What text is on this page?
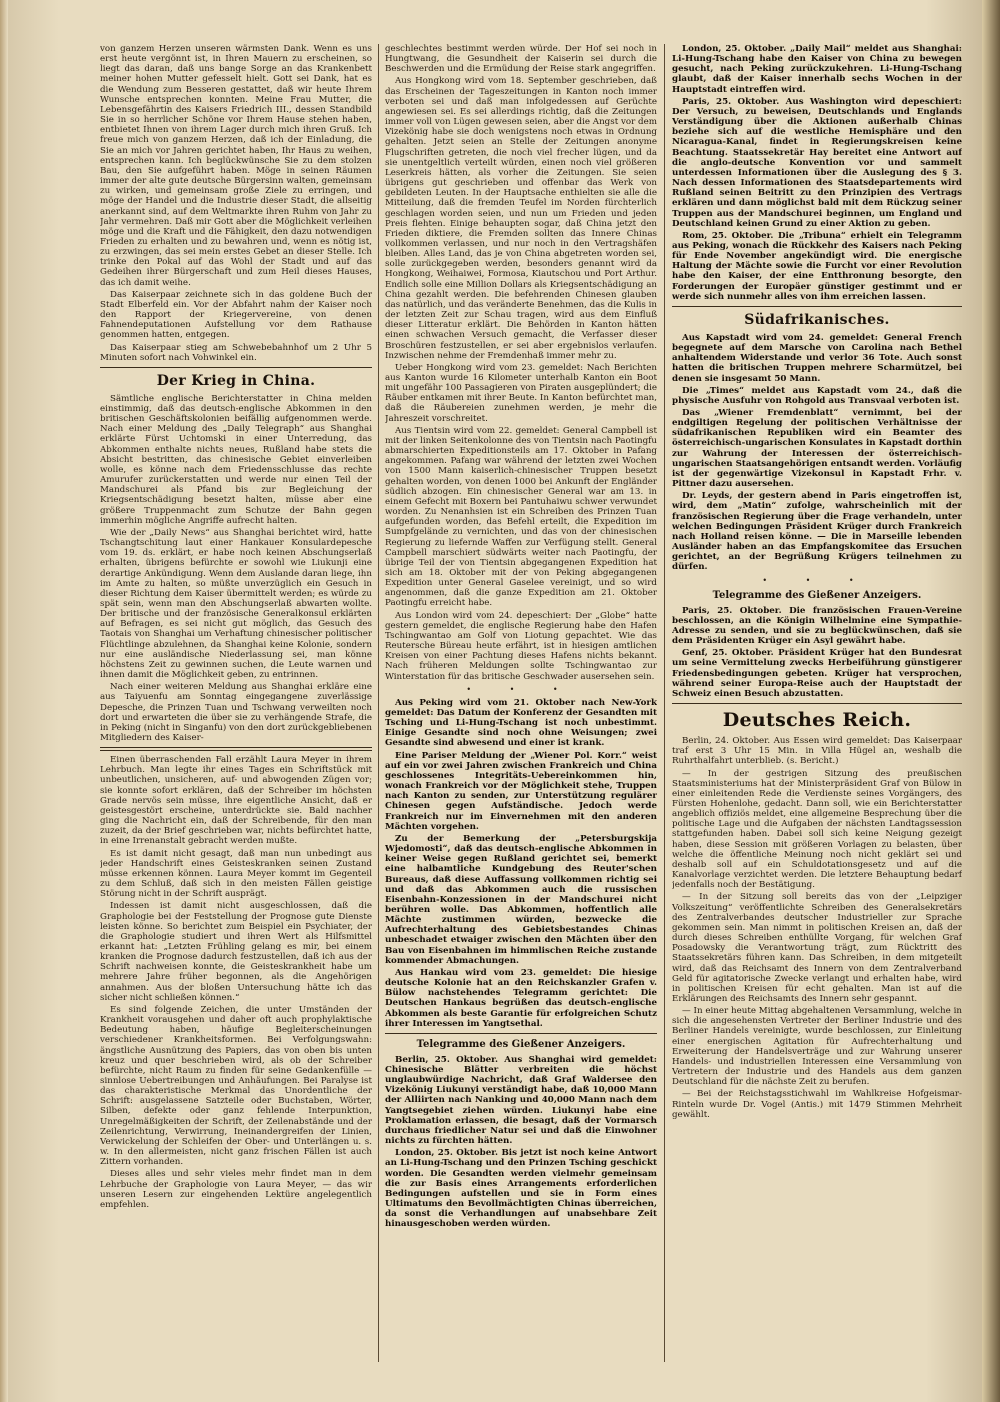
von ganzem Herzen unseren wärmsten Dank. Wenn es uns erst heute vergönnt ist, in Ihren Mauern zu erscheinen, so liegt das daran, daß uns bange Sorge an das Krankenbett meiner hohen Mutter gefesselt hielt. Gott sei Dank, hat es die Wendung zum Besseren gestattet, daß wir heute Ihrem Wunsche entsprechen konnten. Meine Frau Mutter, die Lebensgefährtin des Kaisers Friedrich III., dessen Standbild Sie in so herrlicher Schöne vor Ihrem Hause stehen haben, entbietet Ihnen von ihrem Lager durch mich ihren Gruß. Ich freue mich von ganzem Herzen, daß ich der Einladung, die Sie an mich vor Jahren gerichtet haben, Ihr Haus zu weihen, entsprechen kann. Ich beglückwünsche Sie zu dem stolzen Bau, den Sie aufgeführt haben. Möge in seinen Räumen immer der alte gute deutsche Bürgersinn walten, gemeinsam zu wirken, und gemeinsam große Ziele zu erringen, und möge der Handel und die Industrie dieser Stadt, die allseitig anerkannt sind, auf dem Weltmarkte ihren Ruhm von Jahr zu Jahr vermehren. Daß mir Gott aber die Möglichkeit verleihen möge und die Kraft und die Fähigkeit, den dazu notwendigen Frieden zu erhalten und zu bewahren und, wenn es nötig ist, zu erzwingen, das sei mein erstes Gebet an dieser Stelle. Ich trinke den Pokal auf das Wohl der Stadt und auf das Gedeihen ihrer Bürgerschaft und zum Heil dieses Hauses, das ich damit weihe.

Das Kaiserpaar zeichnete sich in das goldene Buch der Stadt Elberfeld ein. Vor der Abfahrt nahm der Kaiser noch den Rapport der Kriegervereine, von denen Fahnendeputationen Aufstellung vor dem Rathause genommen hatten, entgegen.

Das Kaiserpaar stieg am Schwebebahnhof um 2 Uhr 5 Minuten sofort nach Vohwinkel ein.

Der Krieg in China.

Sämtliche englische Berichterstatter in China melden einstimmig, daß das deutsch-englische Abkommen in den britischen Geschäftskolonien beifällig aufgenommen werde. Nach einer Meldung des „Daily Telegraph“ aus Shanghai erklärte Fürst Uchtomski in einer Unterredung, das Abkommen enthalte nichts neues, Rußland habe stets die Absicht bestritten, das chinesische Gebiet einverleiben wolle, es könne nach dem Friedensschlusse das rechte Amurufer zurückerstatten und werde nur einen Teil der Mandschurei als Pfand bis zur Begleichung der Kriegsentschädigung besetzt halten, müsse aber eine größere Truppenmacht zum Schutze der Bahn gegen immerhin mögliche Angriffe aufrecht halten.

Wie der „Daily News“ aus Shanghai berichtet wird, hatte Tschangtschitung laut einer Hankauer Konsulardepesche vom 19. ds. erklärt, er habe noch keinen Abschungserlaß erhalten, übrigens befürchte er sowohl wie Liukunji eine derartige Ankündigung. Wenn dem Auslande daran liege, ihn im Amte zu halten, so müßte unverzüglich ein Gesuch in dieser Richtung dem Kaiser übermittelt werden; es würde zu spät sein, wenn man den Abschungserlaß abwarten wollte. Der britische und der französische Generalkonsul erklärten auf Befragen, es sei nicht gut möglich, das Gesuch des Taotais von Shanghai um Verhaftung chinesischer politischer Flüchtlinge abzulehnen, da Shanghai keine Kolonie, sondern nur eine ausländische Niederlassung sei, man könne höchstens Zeit zu gewinnen suchen, die Leute warnen und ihnen damit die Möglichkeit geben, zu entrinnen.

Nach einer weiteren Meldung aus Shanghai erkläre eine aus Taiyuenfu am Sonntag eingegangene zuverlässige Depesche, die Prinzen Tuan und Tschwang verweilten noch dort und erwarteten die über sie zu verhängende Strafe, die in Peking (nicht in Singanfu) von den dort zurückgebliebenen Mitgliedern des Kaiser-

Einen überraschenden Fall erzählt Laura Meyer in ihrem Lehrbuch. Man legte ihr eines Tages ein Schriftstück mit unbeutlichen, unsicheren, auf- und abwogenden Zügen vor; sie konnte sofort erklären, daß der Schreiber im höchsten Grade nervös sein müsse, ihre eigentliche Ansicht, daß er geistesgestört erscheine, unterdrückte sie. Bald nachher ging die Nachricht ein, daß der Schreibende, für den man zuzeit, da der Brief geschrieben war, nichts befürchtet hatte, in eine Irrenanstalt gebracht werden mußte.

Es ist damit nicht gesagt, daß man nun unbedingt aus jeder Handschrift eines Geisteskranken seinen Zustand müsse erkennen können. Laura Meyer kommt im Gegenteil zu dem Schluß, daß sich in den meisten Fällen geistige Störung nicht in der Schrift ausprägt.

Indessen ist damit nicht ausgeschlossen, daß die Graphologie bei der Feststellung der Prognose gute Dienste leisten könne. So berichtet zum Beispiel ein Psychiater, der die Graphologie studiert und ihren Wert als Hilfsmittel erkannt hat: „Letzten Frühling gelang es mir, bei einem kranken die Prognose dadurch festzustellen, daß ich aus der Schrift nachweisen konnte, die Geisteskrankheit habe um mehrere Jahre früher begonnen, als die Angehörigen annahmen. Aus der bloßen Untersuchung hätte ich das sicher nicht schließen können.“

Es sind folgende Zeichen, die unter Umständen der Krankheit vorausgehen und daher oft auch prophylaktische Bedeutung haben, häufige Begleiterscheinungen verschiedener Krankheitsformen. Bei Verfolgungswahn: ängstliche Ausnützung des Papiers, das von oben bis unten kreuz und quer beschrieben wird, als ob der Schreiber befürchte, nicht Raum zu finden für seine Gedankenfülle — sinnlose Uebertreibungen und Anhäufungen. Bei Paralyse ist das charakteristische Merkmal das Unordentliche der Schrift: ausgelassene Satzteile oder Buchstaben, Wörter, Silben, defekte oder ganz fehlende Interpunktion, Unregelmäßigkeiten der Schrift, der Zeilenabstände und der Zeilenrichtung, Verwirrung, Ineinandergreifen der Linien, Verwickelung der Schleifen der Ober- und Unterlängen u. s. w. In den allermeisten, nicht ganz frischen Fällen ist auch Zittern vorhanden.

Dieses alles und sehr vieles mehr findet man in dem Lehrbuche der Graphologie von Laura Meyer, — das wir unseren Lesern zur eingehenden Lektüre angelegentlich empfehlen.

geschlechtes bestimmt werden würde. Der Hof sei noch in Hungtwang, die Gesundheit der Kaiserin sei durch die Beschwerden und die Ermüdung der Reise stark angegriffen.

Aus Hongkong wird vom 18. September geschrieben, daß das Erscheinen der Tageszeitungen in Kanton noch immer verboten sei und daß man infolgedessen auf Gerüchte angewiesen sei. Es sei allerdings richtig, daß die Zeitungen immer voll von Lügen gewesen seien, aber die Angst vor dem Vizekönig habe sie doch wenigstens noch etwas in Ordnung gehalten. Jetzt seien an Stelle der Zeitungen anonyme Flugschriften getreten, die noch viel frecher lügen, und da sie unentgeltlich verteilt würden, einen noch viel größeren Leserkreis hätten, als vorher die Zeitungen. Sie seien übrigens gut geschrieben und offenbar das Werk von gebildeten Leuten. In der Hauptsache enthielten sie alle die Mitteilung, daß die fremden Teufel im Norden fürchterlich geschlagen worden seien, und nun um Frieden und jeden Preis flehten. Einige behaupten sogar, daß China jetzt den Frieden diktiere, die Fremden sollten das Innere Chinas vollkommen verlassen, und nur noch in den Vertragshäfen bleiben. Alles Land, das je von China abgetreten worden sei, solle zurückgegeben werden, besonders genannt wird da Hongkong, Weihaiwei, Formosa, Kiautschou und Port Arthur. Endlich solle eine Million Dollars als Kriegsentschädigung an China gezahlt werden. Die befehrenden Chinesen glauben das natürlich, und das veränderte Benehmen, das die Kulis in der letzten Zeit zur Schau tragen, wird aus dem Einfluß dieser Litteratur erklärt. Die Behörden in Kanton hätten einen schwachen Versuch gemacht, die Verfasser dieser Broschüren festzustellen, er sei aber ergebnislos verlaufen. Inzwischen nehme der Fremdenhaß immer mehr zu.

Ueber Hongkong wird vom 23. gemeldet: Nach Berichten aus Kanton wurde 16 Kilometer unterhalb Kanton ein Boot mit ungefähr 100 Passagieren von Piraten ausgeplündert; die Räuber entkamen mit ihrer Beute. In Kanton befürchtet man, daß die Räubereien zunehmen werden, je mehr die Jahreszeit vorschreitet.

Aus Tientsin wird vom 22. gemeldet: General Campbell ist mit der linken Seitenkolonne des von Tientsin nach Paotingfu abmarschierten Expeditionsteils am 17. Oktober in Pafang angekommen. Pafang war während der letzten zwei Wochen von 1500 Mann kaiserlich-chinesischer Truppen besetzt gehalten worden, von denen 1000 bei Ankunft der Engländer südlich abzogen. Ein chinesischer General war am 13. in einem Gefecht mit Boxern bei Pantuhaiwu schwer verwundet worden. Zu Nenanhsien ist ein Schreiben des Prinzen Tuan aufgefunden worden, das Befehl erteilt, die Expedition im Sumpfgelände zu vernichten, und das von der chinesischen Regierung zu liefernde Waffen zur Verfügung stellt. General Campbell marschiert südwärts weiter nach Paotingfu, der übrige Teil der von Tientsin abgegangenen Expedition hat sich am 18. Oktober mit der von Peking abgegangenen Expedition unter General Gaselee vereinigt, und so wird angenommen, daß die ganze Expedition am 21. Oktober Paotingfu erreicht habe.

Aus London wird vom 24. depeschiert: Der „Globe“ hatte gestern gemeldet, die englische Regierung habe den Hafen Tschingwantao am Golf von Liotung gepachtet. Wie das Reutersche Büreau heute erfährt, ist in hiesigen amtlichen Kreisen von einer Pachtung dieses Hafens nichts bekannt. Nach früheren Meldungen sollte Tschingwantao zur Winterstation für das britische Geschwader ausersehen sein.

• • •

Aus Peking wird vom 21. Oktober nach New-York gemeldet: Das Datum der Konferenz der Gesandten mit Tsching und Li-Hung-Tschang ist noch unbestimmt. Einige Gesandte sind noch ohne Weisungen; zwei Gesandte sind abwesend und einer ist krank.

Eine Pariser Meldung der „Wiener Pol. Korr.“ weist auf ein vor zwei Jahren zwischen Frankreich und China geschlossenes Integritäts-Uebereinkommen hin, wonach Frankreich vor der Möglichkeit stehe, Truppen nach Kanton zu senden, zur Unterstützung regulärer Chinesen gegen Aufständische. Jedoch werde Frankreich nur im Einvernehmen mit den anderen Mächten vorgehen.

Zu der Bemerkung der „Petersburgskija Wjedomosti“, daß das deutsch-englische Abkommen in keiner Weise gegen Rußland gerichtet sei, bemerkt eine halbamtliche Kundgebung des Reuter'schen Bureaus, daß diese Auffassung vollkommen richtig sei und daß das Abkommen auch die russischen Eisenbahn-Konzessionen in der Mandschurei nicht berühren wolle. Das Abkommen, hoffentlich alle Mächte zustimmen würden, bezwecke die Aufrechterhaltung des Gebietsbestandes Chinas unbeschadet etwaiger zwischen den Mächten über den Bau von Eisenbahnen im himmlischen Reiche zustande kommender Abmachungen.

Aus Hankau wird vom 23. gemeldet: Die hiesige deutsche Kolonie hat an den Reichskanzler Grafen v. Bülow nachstehendes Telegramm gerichtet: Die Deutschen Hankaus begrüßen das deutsch-englische Abkommen als beste Garantie für erfolgreichen Schutz ihrer Interessen im Yangtsethal.

Telegramme des Gießener Anzeigers.

Berlin, 25. Oktober. Aus Shanghai wird gemeldet: Chinesische Blätter verbreiten die höchst unglaubwürdige Nachricht, daß Graf Waldersee den Vizekönig Liukunyi verständigt habe, daß 10,000 Mann der Alliirten nach Nanking und 40,000 Mann nach dem Yangtsegebiet ziehen würden. Liukunyi habe eine Proklamation erlassen, die besagt, daß der Vormarsch durchaus friedlicher Natur sei und daß die Einwohner nichts zu fürchten hätten.

London, 25. Oktober. Bis jetzt ist noch keine Antwort an Li-Hung-Tschang und den Prinzen Tsching geschickt worden. Die Gesandten werden vielmehr gemeinsam die zur Basis eines Arrangements erforderlichen Bedingungen aufstellen und sie in Form eines Ultimatums den Bevollmächtigten Chinas überreichen, da sonst die Verhandlungen auf unabsehbare Zeit hinausgeschoben werden würden.

London, 25. Oktober. „Daily Mail“ meldet aus Shanghai: Li-Hung-Tschang habe den Kaiser von China zu bewegen gesucht, nach Peking zurückzukehren. Li-Hung-Tschang glaubt, daß der Kaiser innerhalb sechs Wochen in der Hauptstadt eintreffen wird.

Paris, 25. Oktober. Aus Washington wird depeschiert: Der Versuch, zu beweisen, Deutschlands und Englands Verständigung über die Aktionen außerhalb Chinas beziehe sich auf die westliche Hemisphäre und den Nicaragua-Kanal, findet in Regierungskreisen keine Beachtung. Staatssekretär Hay bereitet eine Antwort auf die anglo-deutsche Konvention vor und sammelt unterdessen Informationen über die Auslegung des § 3. Nach dessen Informationen des Staatsdepartements wird Rußland seinen Beitritt zu den Prinzipien des Vertrags erklären und dann möglichst bald mit dem Rückzug seiner Truppen aus der Mandschurei beginnen, um England und Deutschland keinen Grund zu einer Aktion zu geben.

Rom, 25. Oktober. Die „Tribuna“ erhielt ein Telegramm aus Peking, wonach die Rückkehr des Kaisers nach Peking für Ende November angekündigt wird. Die energische Haltung der Mächte sowie die Furcht vor einer Revolution habe den Kaiser, der eine Entthronung besorgte, den Forderungen der Europäer günstiger gestimmt und er werde sich nunmehr alles von ihm erreichen lassen.

Südafrikanisches.

Aus Kapstadt wird vom 24. gemeldet: General French begegnete auf dem Marsche von Carolina nach Bethel anhaltendem Widerstande und verlor 36 Tote. Auch sonst hatten die britischen Truppen mehrere Scharmützel, bei denen sie insgesamt 50 Mann.

Die „Times“ meldet aus Kapstadt vom 24., daß die physische Ausfuhr von Rohgold aus Transvaal verboten ist.

Das „Wiener Fremdenblatt“ vernimmt, bei der endgiltigen Regelung der politischen Verhältnisse der südafrikanischen Republiken wird ein Beamter des österreichisch-ungarischen Konsulates in Kapstadt dorthin zur Wahrung der Interessen der österreichisch-ungarischen Staatsangehörigen entsandt werden. Vorläufig ist der gegenwärtige Vizekonsul in Kapstadt Frhr. v. Pittner dazu ausersehen.

Dr. Leyds, der gestern abend in Paris eingetroffen ist, wird, dem „Matin“ zufolge, wahrscheinlich mit der französischen Regierung über die Frage verhandeln, unter welchen Bedingungen Präsident Krüger durch Frankreich nach Holland reisen könne. — Die in Marseille lebenden Ausländer haben an das Empfangskomitee das Ersuchen gerichtet, an der Begrüßung Krügers teilnehmen zu dürfen.

• • •
Telegramme des Gießener Anzeigers.

Paris, 25. Oktober. Die französischen Frauen-Vereine beschlossen, an die Königin Wilhelmine eine Sympathie-Adresse zu senden, und sie zu beglückwünschen, daß sie dem Präsidenten Krüger ein Asyl gewährt habe.

Genf, 25. Oktober. Präsident Krüger hat den Bundesrat um seine Vermittelung zwecks Herbeiführung günstigerer Friedensbedingungen gebeten. Krüger hat versprochen, während seiner Europa-Reise auch der Hauptstadt der Schweiz einen Besuch abzustatten.

Deutsches Reich.

Berlin, 24. Oktober. Aus Essen wird gemeldet: Das Kaiserpaar traf erst 3 Uhr 15 Min. in Villa Hügel an, weshalb die Ruhrthalfahrt unterblieb. (s. Bericht.)

— In der gestrigen Sitzung des preußischen Staatsministeriums hat der Ministerpräsident Graf von Bülow in einer einleitenden Rede die Verdienste seines Vorgängers, des Fürsten Hohenlohe, gedacht. Dann soll, wie ein Berichterstatter angeblich offiziös meldet, eine allgemeine Besprechung über die politische Lage und die Aufgaben der nächsten Landtagssession stattgefunden haben. Dabei soll sich keine Neigung gezeigt haben, diese Session mit größeren Vorlagen zu belasten, über welche die öffentliche Meinung noch nicht geklärt sei und deshalb soll auf ein Schuldotationsgesetz und auf die Kanalvorlage verzichtet werden. Die letztere Behauptung bedarf jedenfalls noch der Bestätigung.

— In der Sitzung soll bereits das von der „Leipziger Volkszeitung“ veröffentlichte Schreiben des Generalsekretärs des Zentralverbandes deutscher Industrieller zur Sprache gekommen sein. Man nimmt in politischen Kreisen an, daß der durch dieses Schreiben enthüllte Vorgang, für welchen Graf Posadowsky die Verantwortung trägt, zum Rücktritt des Staatssekretärs führen kann. Das Schreiben, in dem mitgeteilt wird, daß das Reichsamt des Innern von dem Zentralverband Geld für agitatorische Zwecke verlangt und erhalten habe, wird in politischen Kreisen für echt gehalten. Man ist auf die Erklärungen des Reichsamts des Innern sehr gespannt.

— In einer heute Mittag abgehaltenen Versammlung, welche in sich die angesehensten Vertreter der Berliner Industrie und des Berliner Handels vereinigte, wurde beschlossen, zur Einleitung einer energischen Agitation für Aufrechterhaltung und Erweiterung der Handelsverträge und zur Wahrung unserer Handels- und industriellen Interessen eine Versammlung von Vertretern der Industrie und des Handels aus dem ganzen Deutschland für die nächste Zeit zu berufen.

— Bei der Reichstagsstichwahl im Wahlkreise Hofgeismar-Rinteln wurde Dr. Vogel (Antis.) mit 1479 Stimmen Mehrheit gewählt.
